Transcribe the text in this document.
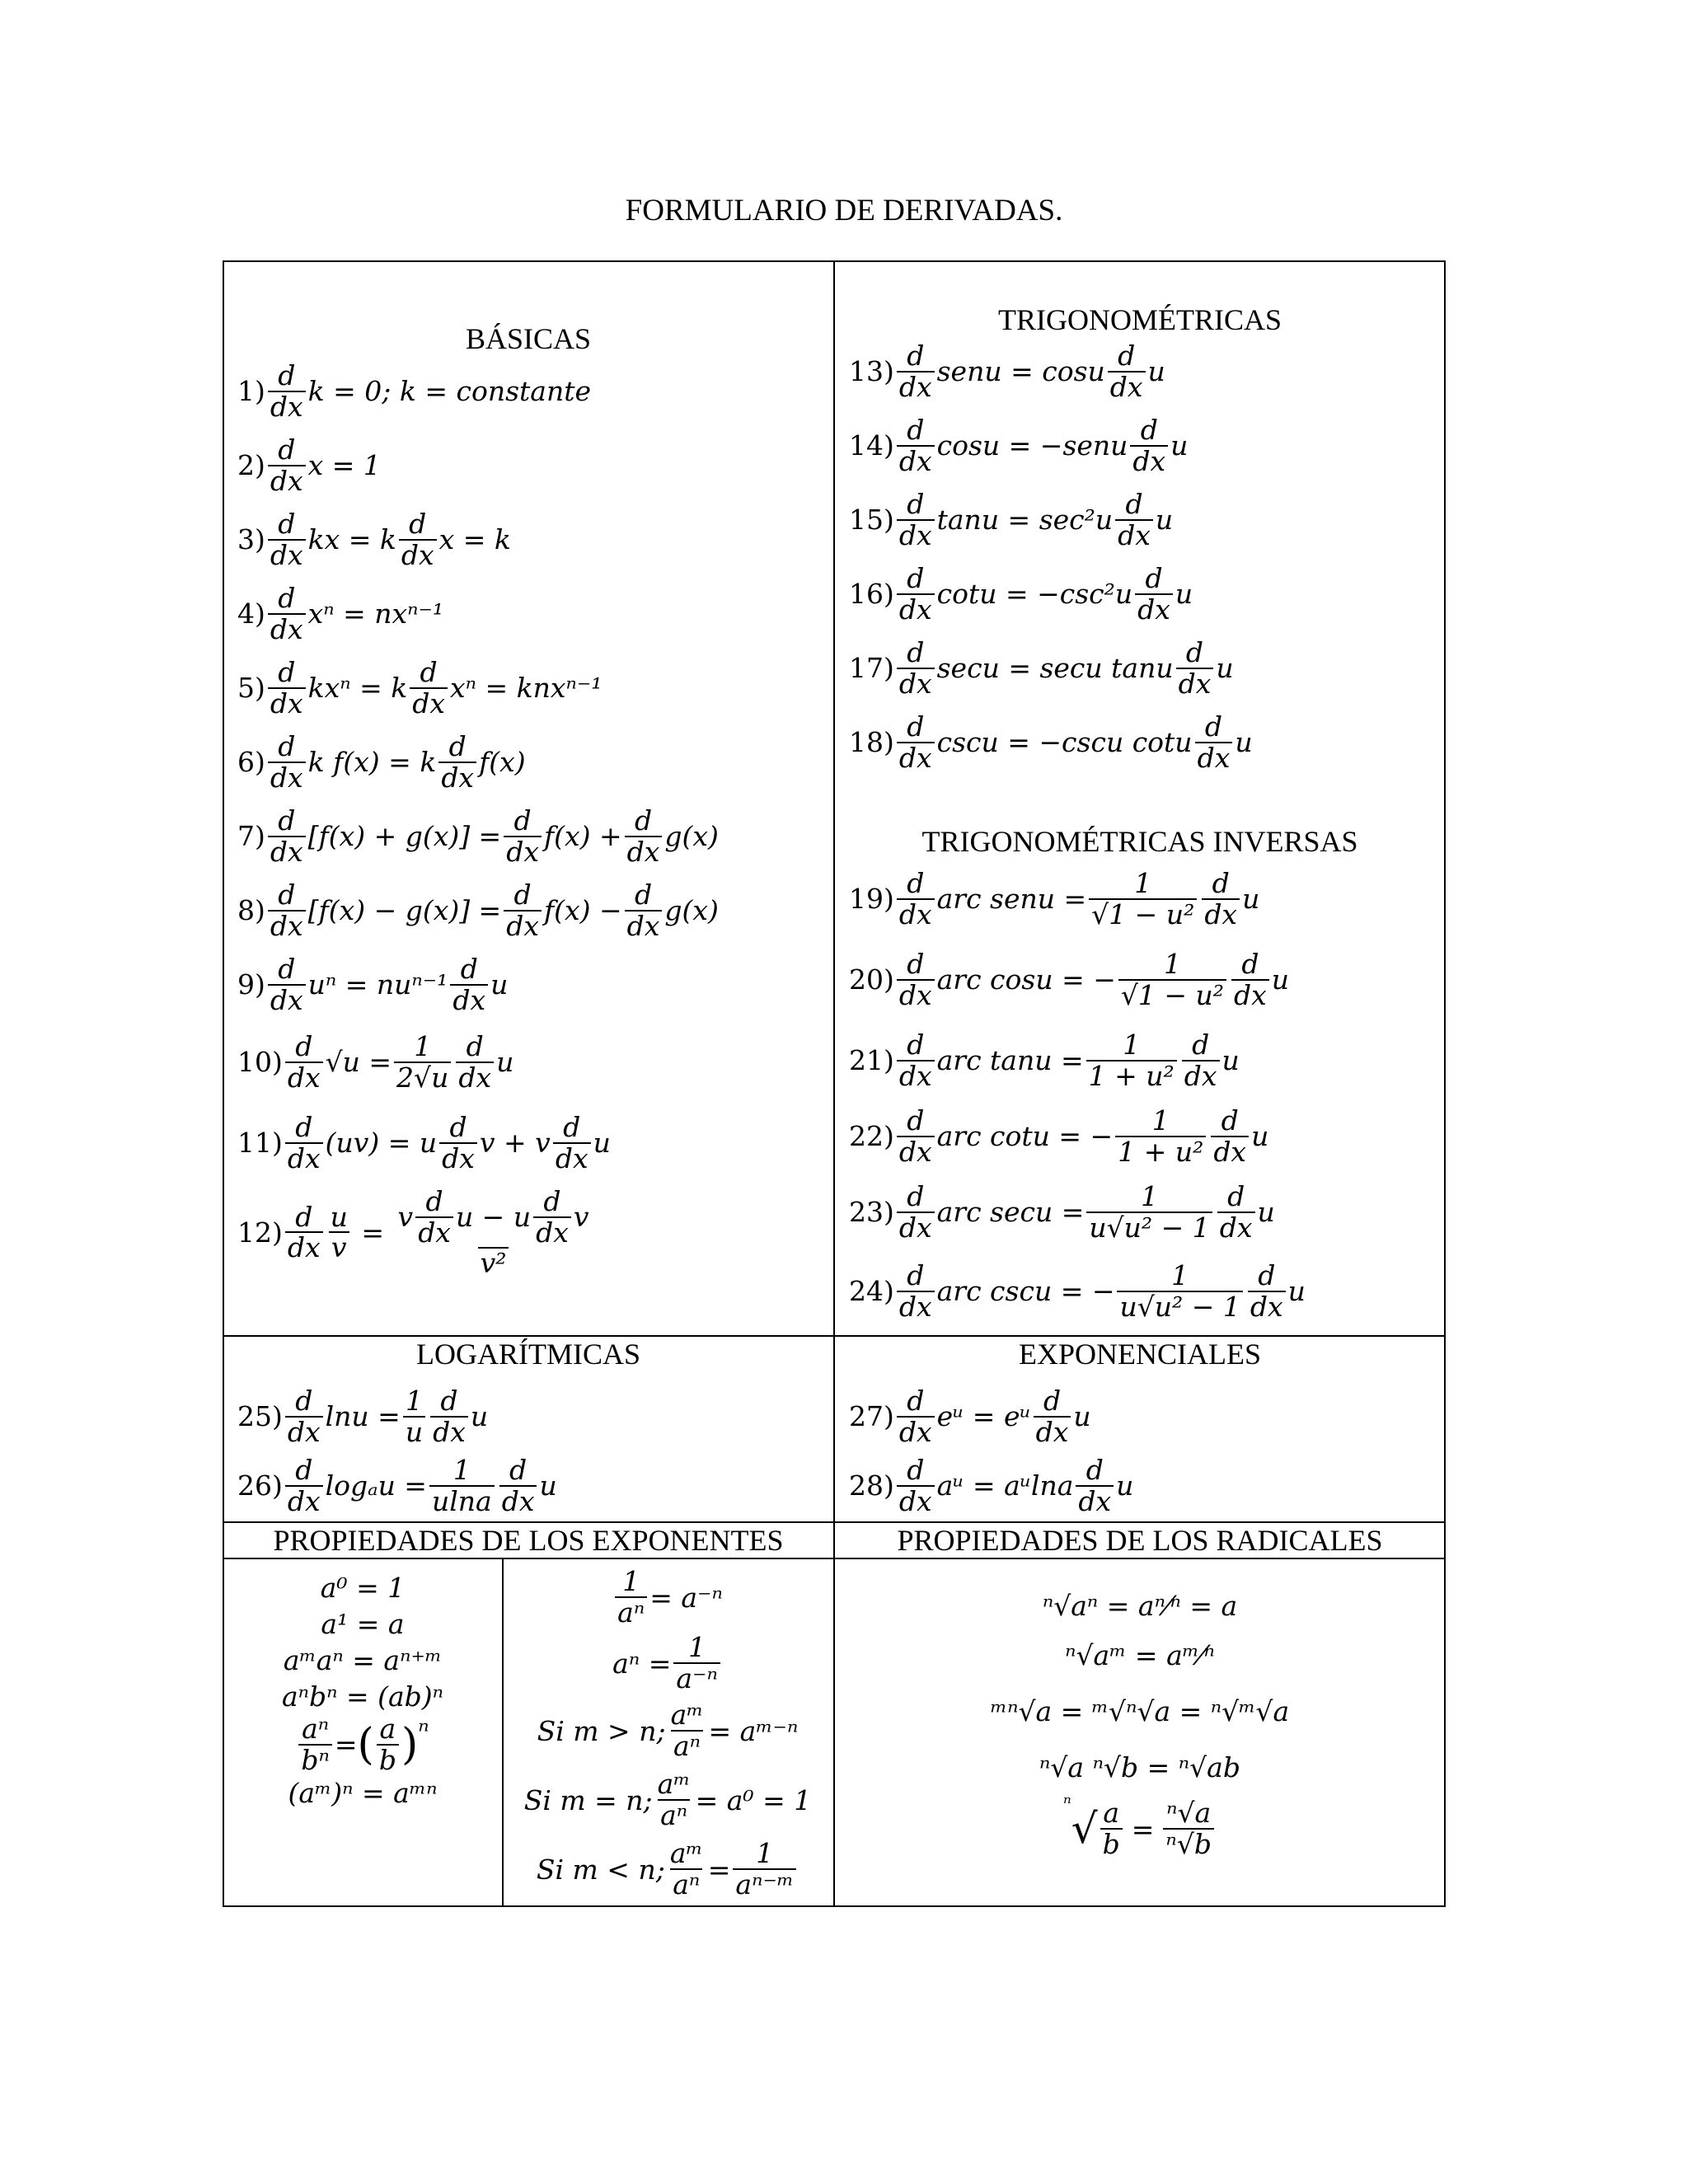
FORMULARIO DE DERIVADAS.
BÁSICAS
TRIGONOMÉTRICAS
TRIGONOMÉTRICAS INVERSAS
LOGARÍTMICAS	EXPONENCIALES
PROPIEDADES DE LOS EXPONENTES	PROPIEDADES DE LOS RADICALES
$1) \frac{d}{dx}$ k = 0; k = constante
$2) \frac{d}{dx}$ x = 1
$3) \frac{d}{dx}$ kx = k $\frac{d}{dx}$ x = k
$4) \frac{d}{dx}$ xⁿ = nxⁿ⁻¹
$5) \frac{d}{dx}$ kxⁿ = k $\frac{d}{dx}$ xⁿ = knxⁿ⁻¹
$6) \frac{d}{dx}$ k f(x) = k $\frac{d}{dx} f(x)$
$7) \frac{d}{dx} [f(x) + g(x)] = \frac{d}{dx} f(x) + \frac{d}{dx} g(x)$
$8) \frac{d}{dx} [f(x) - g(x)] = \frac{d}{dx} f(x) - \frac{d}{dx} g(x)$
$9) \frac{d}{dx}$ $u^n = nu^{n-1} \frac{d}{dx}$ u
$10) \frac{d}{dx} √u = \frac{1}{2√u} \frac{d}{dx}$ u
$11) \frac{d}{dx} (uv) = u \frac{d}{dx}$ v + v $\frac{d}{dx}$ u
$12) \frac{d}{dx} \frac{u}{v} = \frac{v \frac{d}{dx} u - u \frac{d}{dx} v}{\text{v²}}$
$13) \frac{d}{dx}$ senu = cosu $\frac{d}{dx}$ u
$14) \frac{d}{dx}$ cosu = −senu $\frac{d}{dx}$ u
$15) \frac{d}{dx}$ $\tan u = \sec^2u \frac{d}{dx}$ u
$16) \frac{d}{dx}$ $\cot u = -\csc^2u \frac{d}{dx}$ u
$17) \frac{d}{dx}$ secu = secu tanu $\frac{d}{dx}$ u
$18) \frac{d}{dx}$ cscu = −cscu cotu $\frac{d}{dx}$ u
$19) \frac{d}{dx}$ arc senu = $\frac{1}{\text{√1 − u²}} \frac{d}{dx}$ u
$20) \frac{d}{dx}$ arc cosu = − $\frac{1}{\text{√1 − u²}} \frac{d}{dx}$ u
$21) \frac{d}{dx}$ arc $\tan u = \frac{1}{\text{1 + u²}} \frac{d}{dx}$ u
$22) \frac{d}{dx}$ arc cotu = − $\frac{1}{\text{1 + u²}} \frac{d}{dx}$ u
$23) \frac{d}{dx}$ arc $\sec u = \frac{1}{\text{u√u² − 1}} \frac{d}{dx}$ u
$24) \frac{d}{dx}$ arc cscu = − $\frac{1}{\text{u√u² − 1}} \frac{d}{dx}$ u
$25) \frac{d}{dx}$ $\ln u = \frac{1}{u} \frac{d}{dx}$ u
$26) \frac{d}{dx}$ $\log_au = \frac{1}{ulna} \frac{d}{dx}$ u
$27) \frac{d}{dx}$ eᵘ = eᵘ $\frac{d}{dx}$ u
$28) \frac{d}{dx}$ aᵘ = aᵘlna $\frac{d}{dx}$ u
a⁰ = 1
a¹ = a
aᵐaⁿ = aⁿ⁺ᵐ
aⁿbⁿ = (ab)ⁿ
$\frac{\text{aⁿ}}{\text{bⁿ}}$ = ( $\frac{a}{b}$ ) ⁿ
(aᵐ)ⁿ = aᵐⁿ
$\frac{1}{\text{aⁿ}} = a^{-n}$
$a^n = \frac{1}{\text{a⁻ⁿ}}$
Si m > n; $\frac{\text{aᵐ}}{\text{aⁿ}}$ = aᵐ⁻ⁿ
Si m = n; $\frac{\text{aᵐ}}{\text{aⁿ}} = a^0 = 1$
Si m < n; $\frac{\text{aᵐ}}{\text{aⁿ}} = \frac{1}{\text{aⁿ⁻ᵐ}}$
ⁿ√aⁿ = aⁿ⁄ⁿ = a
ⁿ√aᵐ = aᵐ⁄ⁿ
ᵐⁿ√a = ᵐ√ⁿ√a = ⁿ√ᵐ√a
ⁿ√a ⁿ√b = ⁿ√ab
ⁿ
√ $\frac{a}{b} = \frac{\text{ⁿ√a}}{\text{ⁿ√b}}$
